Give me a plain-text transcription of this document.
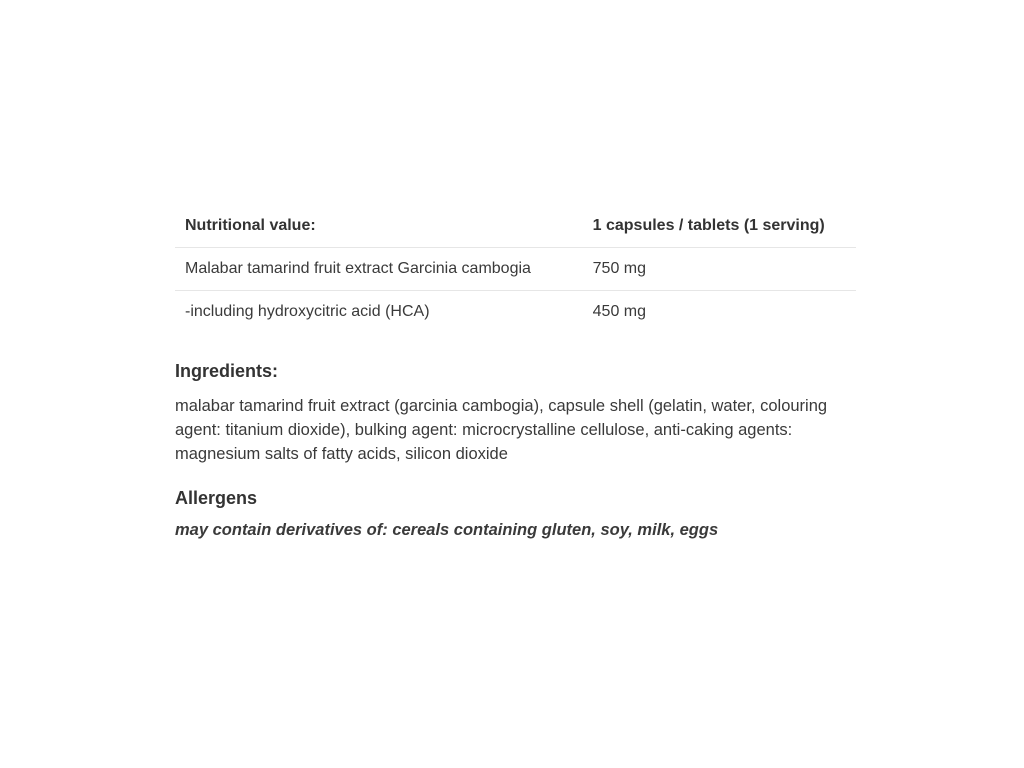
Nutritional value:	1 capsules / tablets (1 serving)
Malabar tamarind fruit extract Garcinia cambogia	750 mg
-including hydroxycitric acid (HCA)	450 mg
Ingredients:

malabar tamarind fruit extract (garcinia cambogia), capsule shell (gelatin, water, colouring agent: titanium dioxide), bulking agent: microcrystalline cellulose, anti-caking agents: magnesium salts of fatty acids, silicon dioxide

Allergens

may contain derivatives of: cereals containing gluten, soy, milk, eggs
